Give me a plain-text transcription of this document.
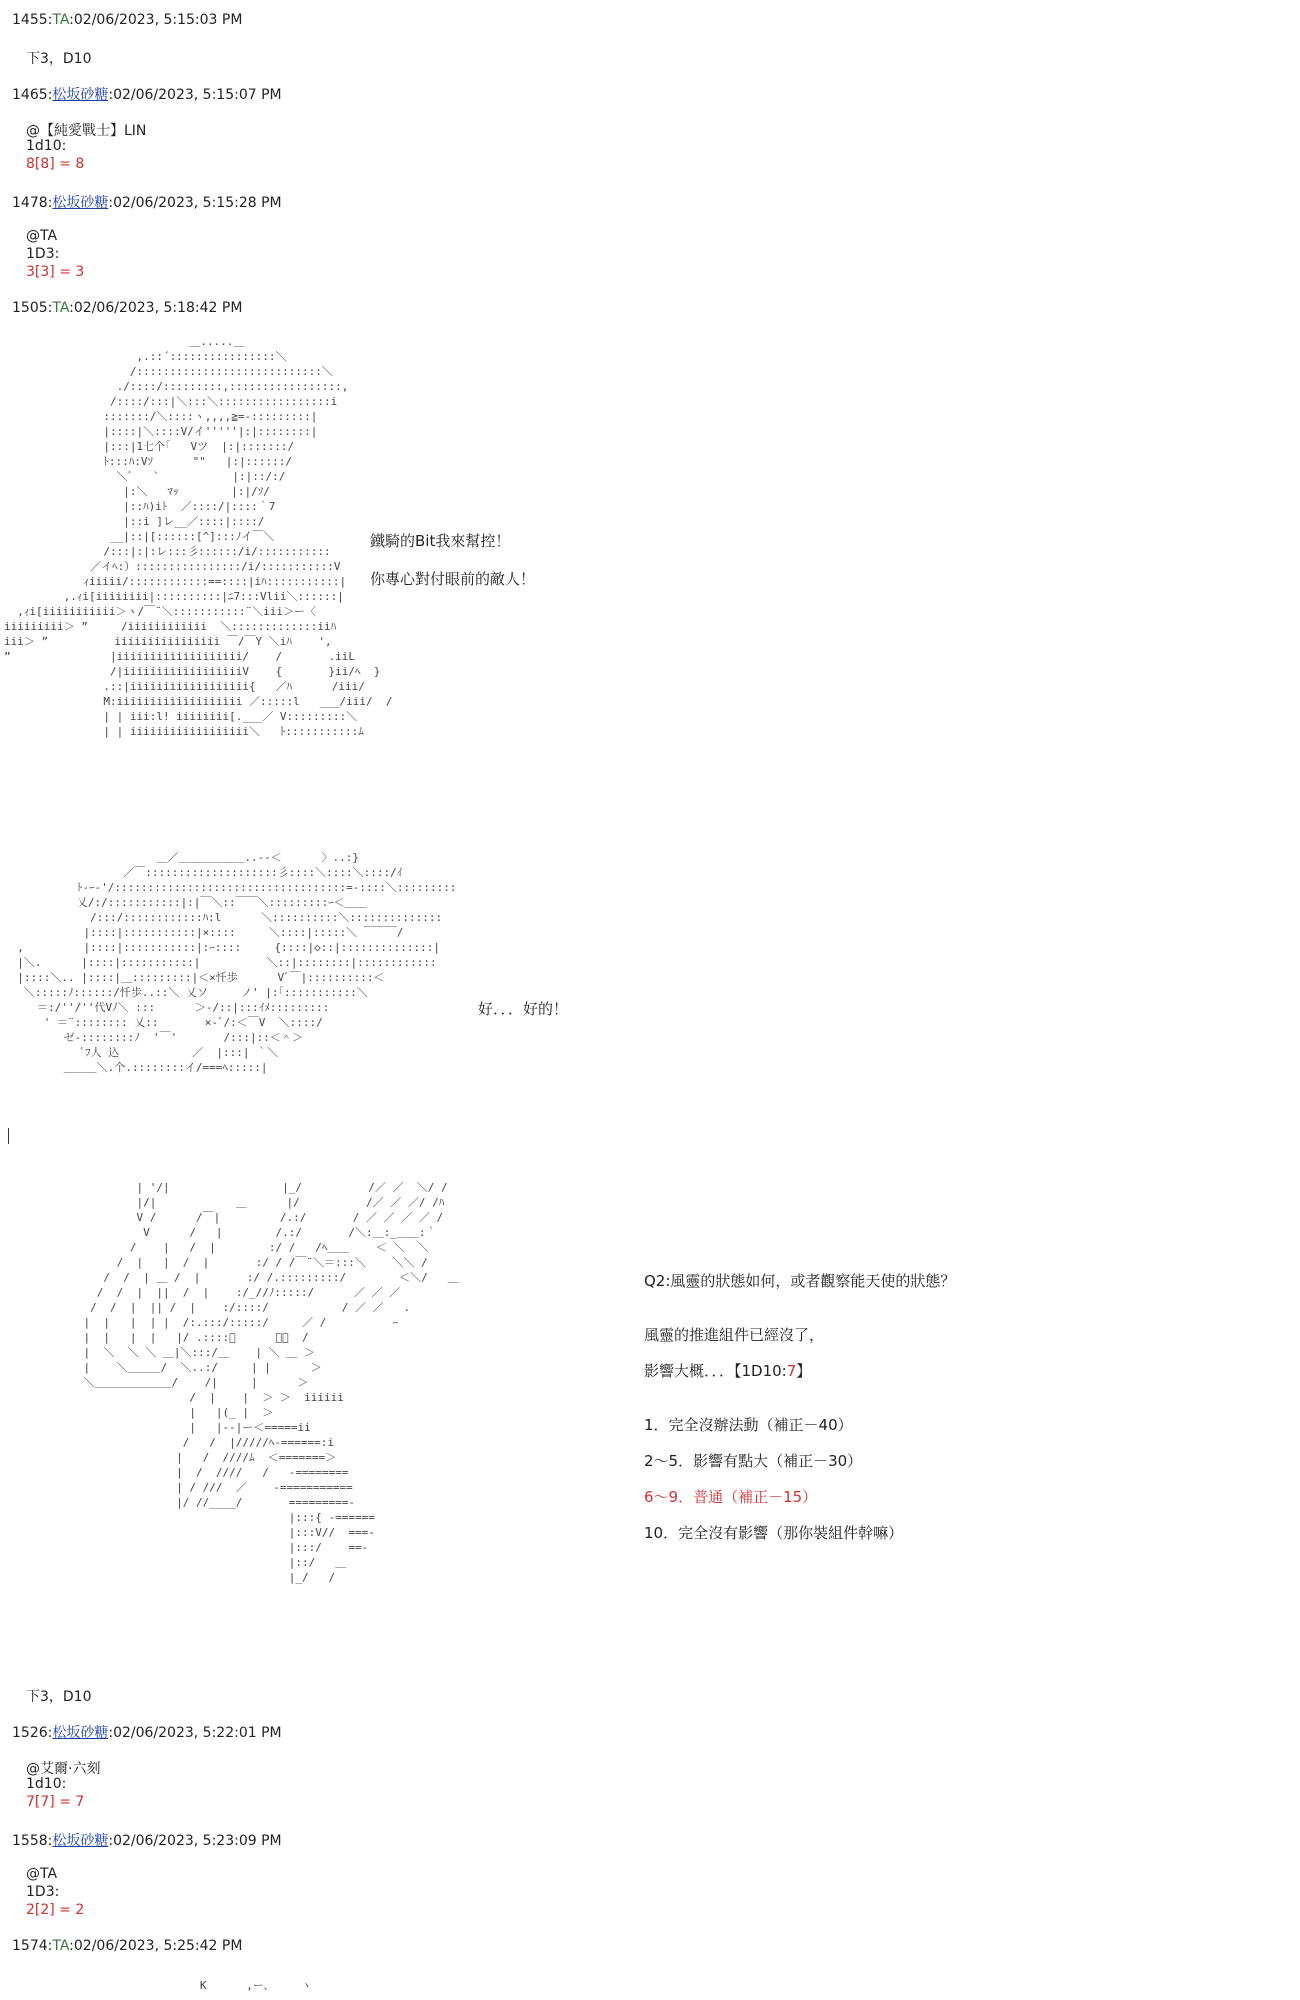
1455:TA:02/06/2023, 5:15:03 PM
下3，D10
1465:松坂砂糖:02/06/2023, 5:15:07 PM
@【純愛戰士】LIN
1d10:
8[8] = 8
1478:松坂砂糖:02/06/2023, 5:15:28 PM
@TA
1D3:
3[3] = 3
1505:TA:02/06/2023, 5:18:42 PM
＿.....＿
,.::´::::::::::::::::＼
/::::::::::::::::::::::::::::＼
./::::/:::::::::,:::::::::::::::::,
/::::/:::|＼:::＼:::::::::::::::::i
:::::::/＼::::ヽ,,,,≧=-:::::::::|
|::::|＼::::V/イ'''''|:|::::::::|
|:::|1七个｢   Vツ  |:|:::::::/
ﾄ:::ﾊ:Vｿ      ""   |:|::::::/
＼ﾞ   `           |:|::/:/
|:＼   ﾏｯ        |:|/ｿ/
|::ﾊ)iﾄ  ／::::/|::::｀7
|::i ]レ__／::::|::::/
__|::|[::::::[^]:::ﾉイ￣＼
/:::|:|:レ:::彡::::::/i/:::::::::::
／イﾍ:）::::::::::::::::/i/:::::::::::V
ｨiiiii/::::::::::::==::::|iﾊ:::::::::::|
,.ｨi[iiiiiiii|::::::::::|ﾆ7:::Vlii＼::::::|
,ｨi[iiiiiiiiiii＞ヽ/￣¨＼:::::::::::¨＼iii＞ー〈
iiiiiiiii＞ ”     /iiiiiiiiiiii  ＼:::::::::::::iiﾊ
iii＞ ”          iiiiiiiiiiiiiiii ￣/￣Y ＼iﾊ    ',
”               |iiiiiiiiiiiiiiiiiii/    /       .iiL
/|iiiiiiiiiiiiiiiiiiV    {       }ii/ﾍ  }
.::|iiiiiiiiiiiiiiiiii{   ／ﾊ      /iii/
M:iiiiiiiiiiiiiiiiiii ／:::::l   ___/iii/  /
| | iii:l! iiiiiiii[.___／ V:::::::::＼
| | iiiiiiiiiiiiiiiiii＼   ﾄ:::::::::::ﾑ

鐵騎的Bit我來幫控！
你專心對付眼前的敵人！
＿／＿＿＿＿＿＿..--＜      〉..:}
／￣::::::::::::::::::::彡::::＼::::＼::::/ｲ
ﾄ-ｰ-'/:::::::::::::::::::::::::::::::::::=-::::＼:::::::::
乂/:/:::::::::::|:|￣＼::￣￣＼:::::::::ｰ＜＿＿
/:::/::::::::::::ﾊ:l      ＼::::::::::＼::::::::::::::
|::::|:::::::::::|×::::     ＼::::|:::::＼ ￣￣￣/
,         |::::|:::::::::::|:ｰ::::     {::::|◇::|::::::::::::::|
|＼.      |::::|:::::::::::|          ＼::|::::::::|::::::::::::
|::::＼.. |::::|＿:::::::::|＜×忏歩      Vﾞ￣|::::::::::＜
＼:::::ﾉ::::::/忏歩..::＼ 乂ソ     ノ' |:｢:::::::::::＼
＝:/''/''代Vﾉ＼ :::      ＞-/::|:::ｲﾒ:::::::::
' ＝¨:::::::: 乂::       ×-ﾞ/:＜￣V  ＼::::/
ゼ-::::::::ﾉ  '￣'       /:::|::＜＾＞
ﾞﾌ人 込           ／  |:::| ｀＼
＿＿＿＼.个.::::::::イ/===ﾍ:::::|

好．．．好的！
| '/|                 |_/          /／ ／  ＼/ /
|/|            ＿      |/          /／ ／ ／/ /ﾊ
V /      /￣|         /.:/       / ／ ／ ／ ／ /
V      /   |        /.:/       /＼:＿:_＿＿:｀
/    |   /  |        :/ /   /ﾍ＿＿    ＜ ＼  ＼
/  |   |  /  |       :/ / /￣¨＼＝:::＼    ＼＼ /
/  /  | ＿ /  |       :/ /.:::::::::/        ＜＼/   ＿
/  /  |  ||  /  |    :/_//ﾉ:::::/      ／ ／ ／
/  /  |  || /  |    :/::::/           / ／ ／   .
|  |   |  | |  /:.:::/:::::/     ／ /          ｰ
|  |   |  |   |/ .::::ﾞ      ＼＿  /
|  ＼  ＼ ＼ ＿|＼:::/＿    | ＼ ＿ ＞
|    ＼＿＿＿/  ＼..:/     | |      ＞
＼＿＿＿＿＿＿＿/    /|     |      ＞
/  |    |  ＞ ＞  iiiiii
|   |(_ |  ＞
|   |--|ー＜=====ii
/   /  |/////ﾍ-======:i
|   /  ////ﾑ  ＜=======＞
|  /  ////   /   -========
| / ///  ／    -===========
|/ //____/       =========-
|:::{ -======
|:::V//  ===-
|:::/    ==-
|::/   ＿
|_/   /

Q2:風靈的狀態如何，或者觀察能天使的狀態？
風靈的推進組件已經沒了，
影響大概．．．【1D10:7】
1．完全沒辦法動（補正－40）
2～5．影響有點大（補正－30）
6～9．普通（補正－15）
10．完全沒有影響（那你裝組件幹嘛）
下3，D10
1526:松坂砂糖:02/06/2023, 5:22:01 PM
@艾爾·六刻
1d10:
7[7] = 7
1558:松坂砂糖:02/06/2023, 5:23:09 PM
@TA
1D3:
2[2] = 2
1574:TA:02/06/2023, 5:25:42 PM
K      ,ー、    ヽ
